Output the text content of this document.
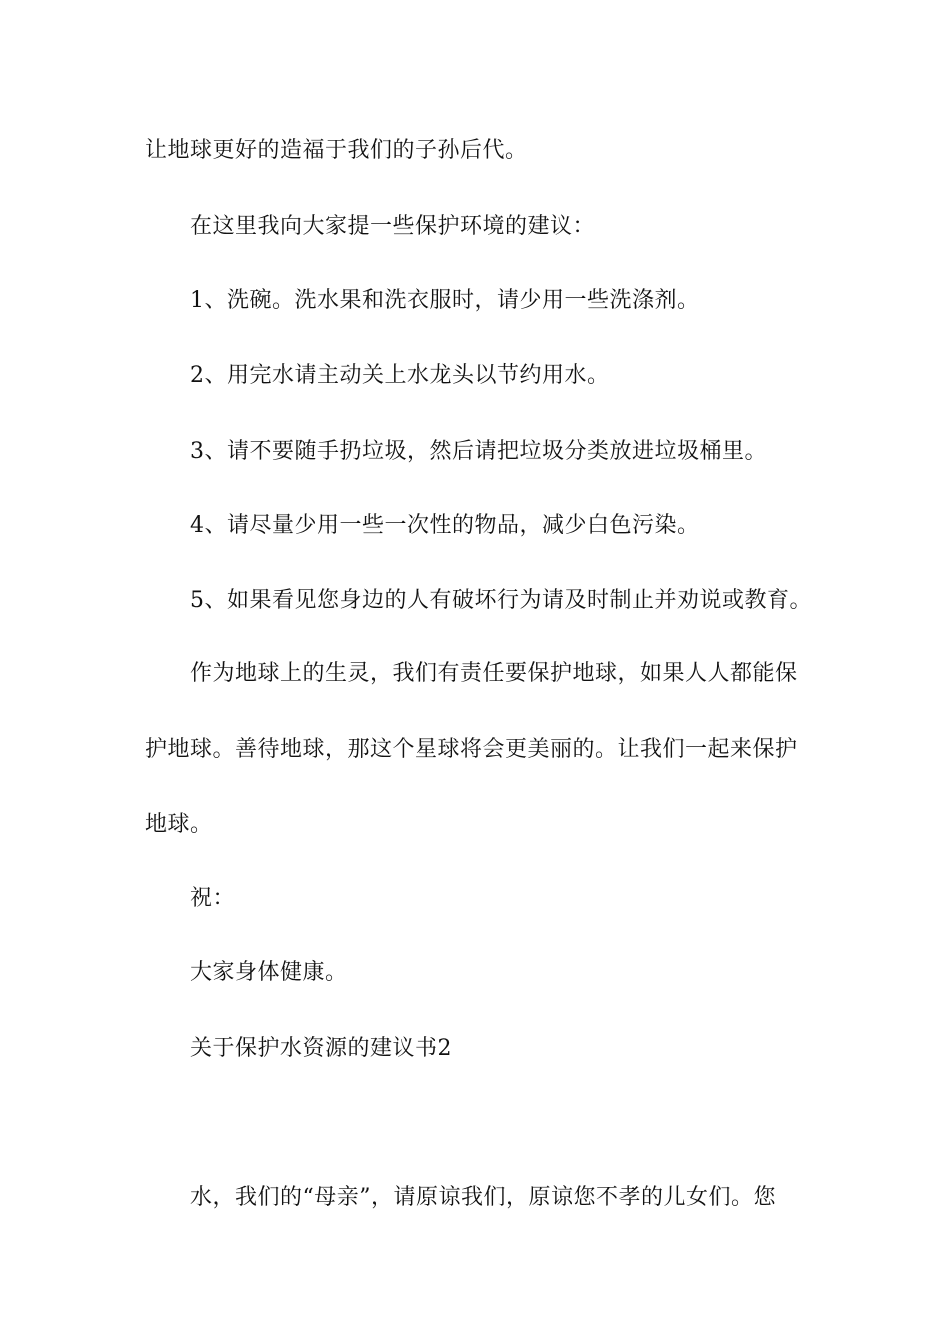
让地球更好的造福于我们的子孙后代。
在这里我向大家提一些保护环境的建议：
1、洗碗。洗水果和洗衣服时，请少用一些洗涤剂。
2、用完水请主动关上水龙头以节约用水。
3、请不要随手扔垃圾，然后请把垃圾分类放进垃圾桶里。
4、请尽量少用一些一次性的物品，减少白色污染。
5、如果看见您身边的人有破坏行为请及时制止并劝说或教育。
作为地球上的生灵，我们有责任要保护地球，如果人人都能保
护地球。善待地球，那这个星球将会更美丽的。让我们一起来保护
地球。
祝：
大家身体健康。
关于保护水资源的建议书2
水，我们的“母亲”，请原谅我们，原谅您不孝的儿女们。您
